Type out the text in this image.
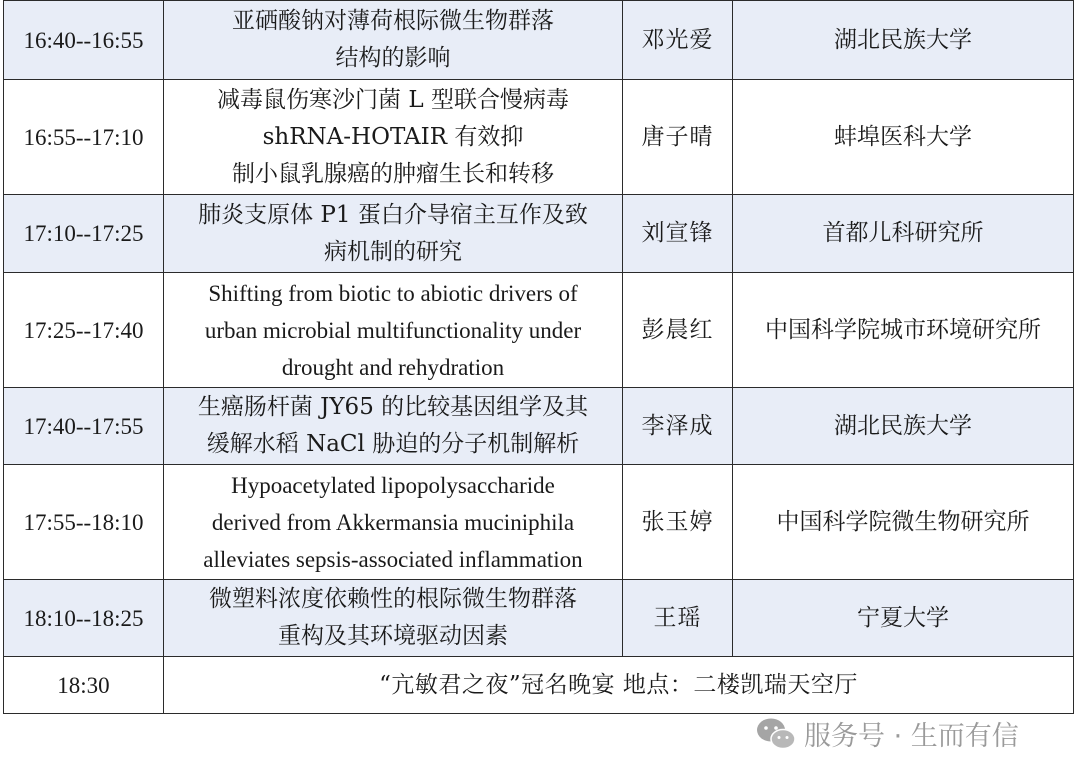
16:40--16:55	亚硒酸钠对薄荷根际微生物群落
结构的影响	邓光爱	湖北民族大学
16:55--17:10	减毒鼠伤寒沙门菌 L 型联合慢病毒
shRNA-HOTAIR 有效抑
制小鼠乳腺癌的肿瘤生长和转移	唐子晴	蚌埠医科大学
17:10--17:25	肺炎支原体 P1 蛋白介导宿主互作及致
病机制的研究	刘宣锋	首都儿科研究所
17:25--17:40	Shifting from biotic to abiotic drivers of
urban microbial multifunctionality under
drought and rehydration	彭晨红	中国科学院城市环境研究所
17:40--17:55	生癌肠杆菌 JY65 的比较基因组学及其
缓解水稻 NaCl 胁迫的分子机制解析	李泽成	湖北民族大学
17:55--18:10	Hypoacetylated lipopolysaccharide
derived from Akkermansia muciniphila
alleviates sepsis-associated inflammation	张玉婷	中国科学院微生物研究所
18:10--18:25	微塑料浓度依赖性的根际微生物群落
重构及其环境驱动因素	王瑶	宁夏大学
18:30	“亢敏君之夜”冠名晚宴 地点：二楼凯瑞天空厅		
服务号 · 生而有信
